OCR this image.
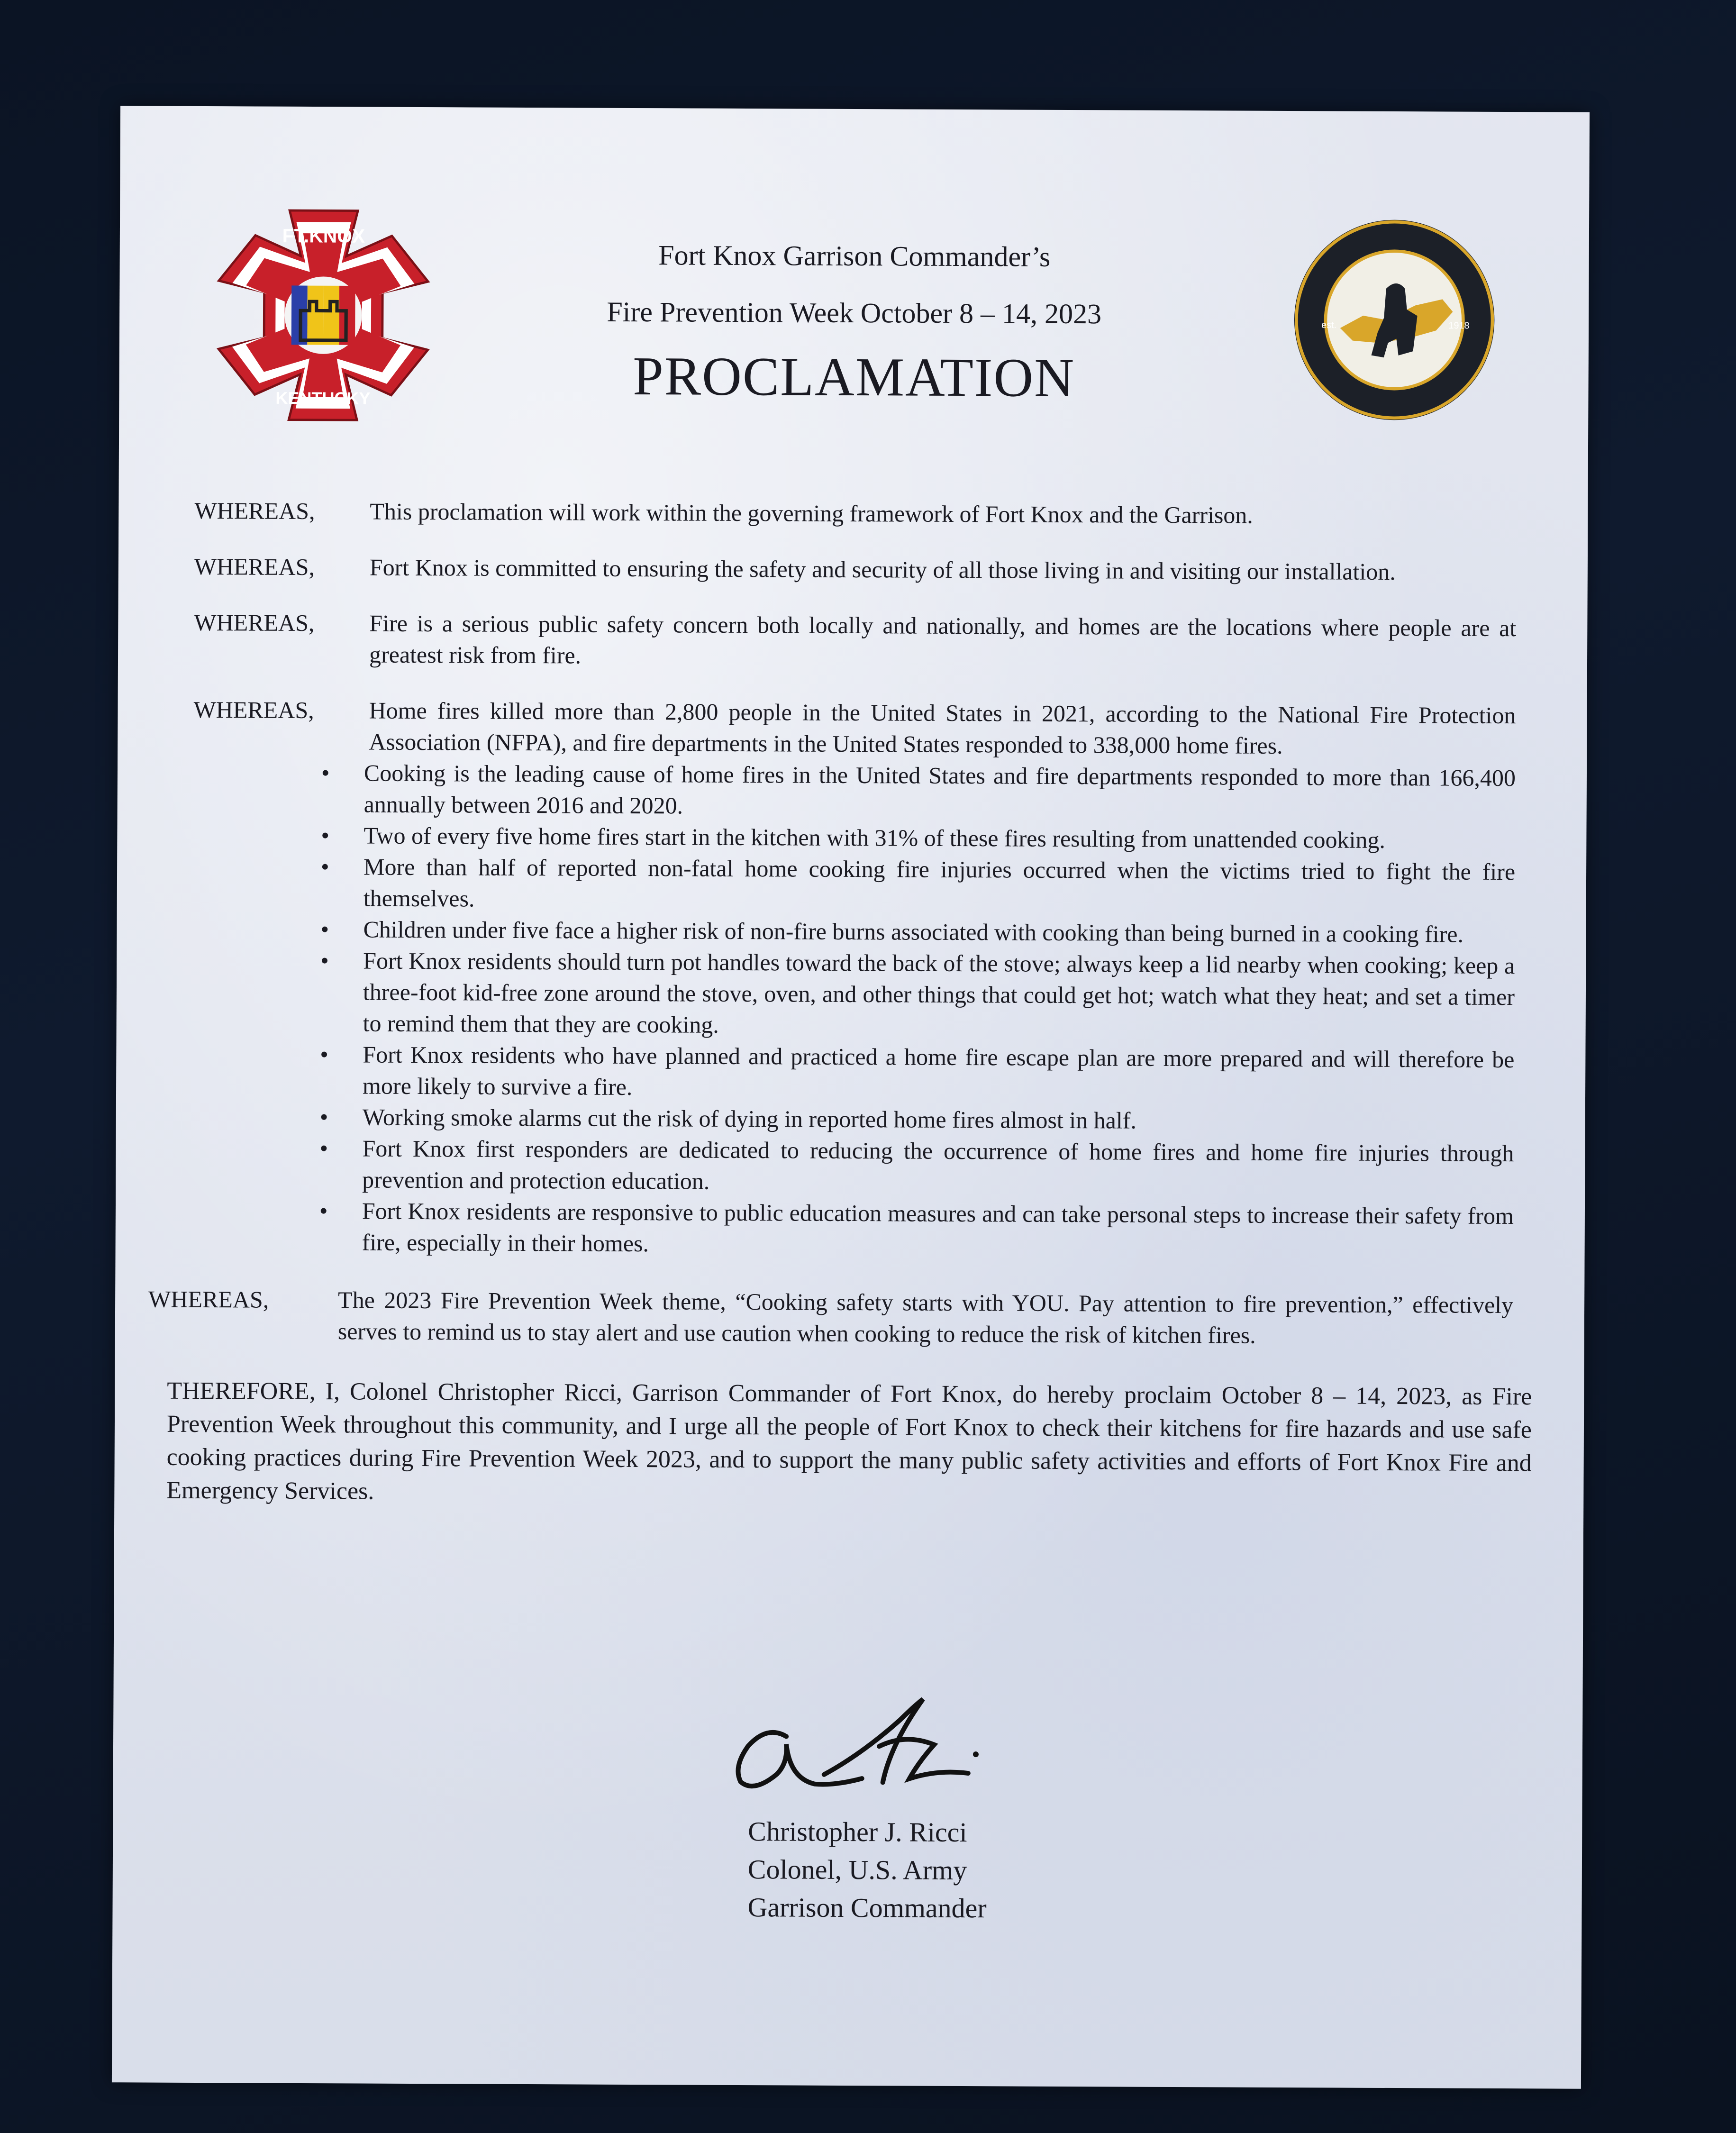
FT.KNOX
KENTUCKY
est.	1918
Fort Knox Garrison Commander’s
Fire Prevention Week October 8 – 14, 2023
PROCLAMATION
WHEREAS,	This proclamation will work within the governing framework of Fort Knox and the Garrison.
WHEREAS,	Fort Knox is committed to ensuring the safety and security of all those living in and visiting our installation.
WHEREAS,	Fire is a serious public safety concern both locally and nationally, and homes are the locations where people are at greatest risk from fire.
WHEREAS,	Home fires killed more than 2,800 people in the United States in 2021, according to the National Fire Protection Association (NFPA), and fire departments in the United States responded to 338,000 home fires.
• Cooking is the leading cause of home fires in the United States and fire departments responded to more than 166,400 annually between 2016 and 2020.
• Two of every five home fires start in the kitchen with 31% of these fires resulting from unattended cooking.
• More than half of reported non-fatal home cooking fire injuries occurred when the victims tried to fight the fire themselves.
• Children under five face a higher risk of non-fire burns associated with cooking than being burned in a cooking fire.
• Fort Knox residents should turn pot handles toward the back of the stove; always keep a lid nearby when cooking; keep a three-foot kid-free zone around the stove, oven, and other things that could get hot; watch what they heat; and set a timer to remind them that they are cooking.
• Fort Knox residents who have planned and practiced a home fire escape plan are more prepared and will therefore be more likely to survive a fire.
• Working smoke alarms cut the risk of dying in reported home fires almost in half.
• Fort Knox first responders are dedicated to reducing the occurrence of home fires and home fire injuries through prevention and protection education.
• Fort Knox residents are responsive to public education measures and can take personal steps to increase their safety from fire, especially in their homes.
WHEREAS,	The 2023 Fire Prevention Week theme, “Cooking safety starts with YOU. Pay attention to fire prevention,” effectively serves to remind us to stay alert and use caution when cooking to reduce the risk of kitchen fires.
THEREFORE, I, Colonel Christopher Ricci, Garrison Commander of Fort Knox, do hereby proclaim October 8 – 14, 2023, as Fire Prevention Week throughout this community, and I urge all the people of Fort Knox to check their kitchens for fire hazards and use safe cooking practices during Fire Prevention Week 2023, and to support the many public safety activities and efforts of Fort Knox Fire and Emergency Services.
Christopher J. Ricci
Colonel, U.S. Army
Garrison Commander
